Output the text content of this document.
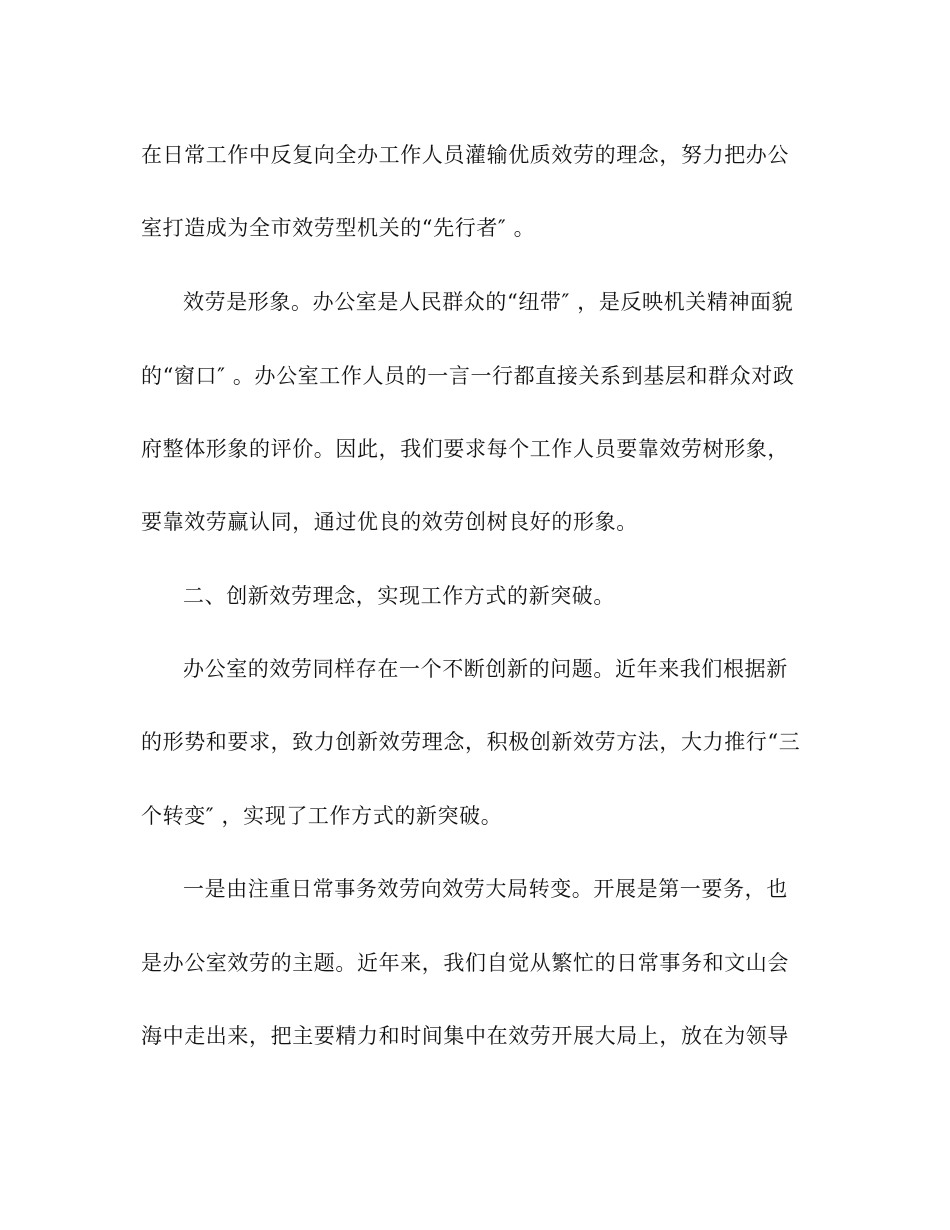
在日常工作中反复向全办工作人员灌输优质效劳的理念，努力把办公
室打造成为全市效劳型机关的“先行者″ 。
效劳是形象。办公室是人民群众的“纽带″ ，是反映机关精神面貌
的“窗口″ 。办公室工作人员的一言一行都直接关系到基层和群众对政
府整体形象的评价。因此，我们要求每个工作人员要靠效劳树形象，
要靠效劳赢认同，通过优良的效劳创树良好的形象。
二、创新效劳理念，实现工作方式的新突破。
办公室的效劳同样存在一个不断创新的问题。近年来我们根据新
的形势和要求，致力创新效劳理念，积极创新效劳方法，大力推行“三
个转变″ ，实现了工作方式的新突破。
一是由注重日常事务效劳向效劳大局转变。开展是第一要务，也
是办公室效劳的主题。近年来，我们自觉从繁忙的日常事务和文山会
海中走出来，把主要精力和时间集中在效劳开展大局上，放在为领导
